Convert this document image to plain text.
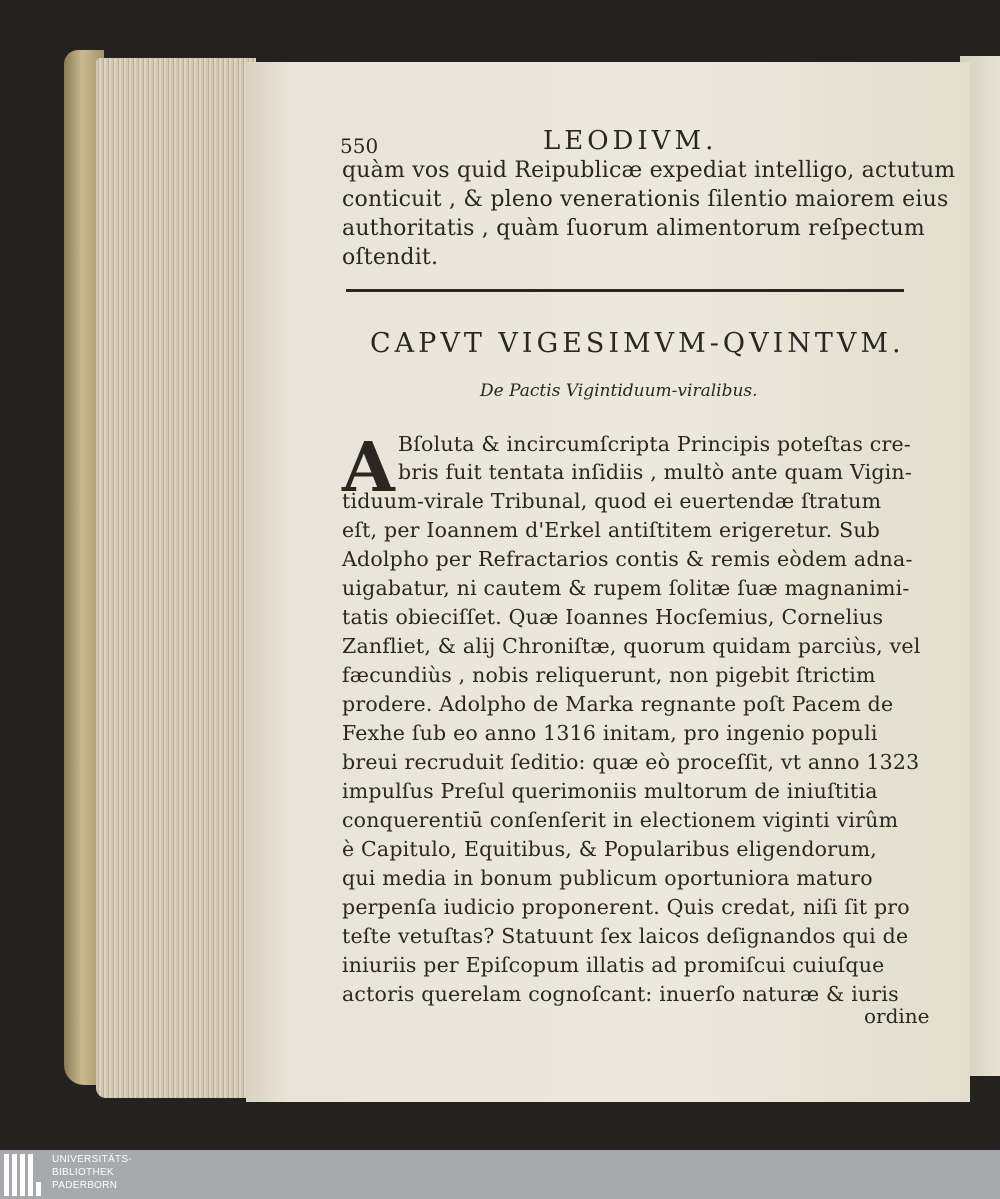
550	LEODIVM.
quàm vos quid Reipublicæ expediat intelligo, actutum
conticuit , & pleno venerationis ſilentio maiorem eius
authoritatis , quàm ſuorum alimentorum reſpectum
oſtendit.
CAPVT VIGESIMVM-QVINTVM.
De Pactis Vigintiduum-viralibus.
A Bſoluta & incircumſcripta Principis poteſtas cre-
bris fuit tentata inſidiis , multò ante quam Vigin-
tiduum-virale Tribunal, quod ei euertendæ ſtratum
eſt, per Ioannem d'Erkel antiſtitem erigeretur. Sub
Adolpho per Refractarios contis & remis eòdem adna-
uigabatur, ni cautem & rupem ſolitæ ſuæ magnanimi-
tatis obieciſſet. Quæ Ioannes Hocſemius, Cornelius
Zanfliet, & alij Chroniſtæ, quorum quidam parciùs, vel
fæcundiùs , nobis reliquerunt, non pigebit ſtrictim
prodere. Adolpho de Marka regnante poſt Pacem de
Fexhe ſub eo anno 1316 initam, pro ingenio populi
breui recruduit ſeditio: quæ eò proceſſit, vt anno 1323
impulſus Preſul querimoniis multorum de iniuſtitia
conquerentiū conſenſerit in electionem viginti virûm
è Capitulo, Equitibus, & Popularibus eligendorum,
qui media in bonum publicum oportuniora maturo
perpenſa iudicio proponerent. Quis credat, niſi ſit pro
teſte vetuſtas? Statuunt ſex laicos deſignandos qui de
iniuriis per Epiſcopum illatis ad promiſcui cuiuſque
actoris querelam cognoſcant: inuerſo naturæ & iuris
ordine
UNIVERSITÄTS-
BIBLIOTHEK
PADERBORN
